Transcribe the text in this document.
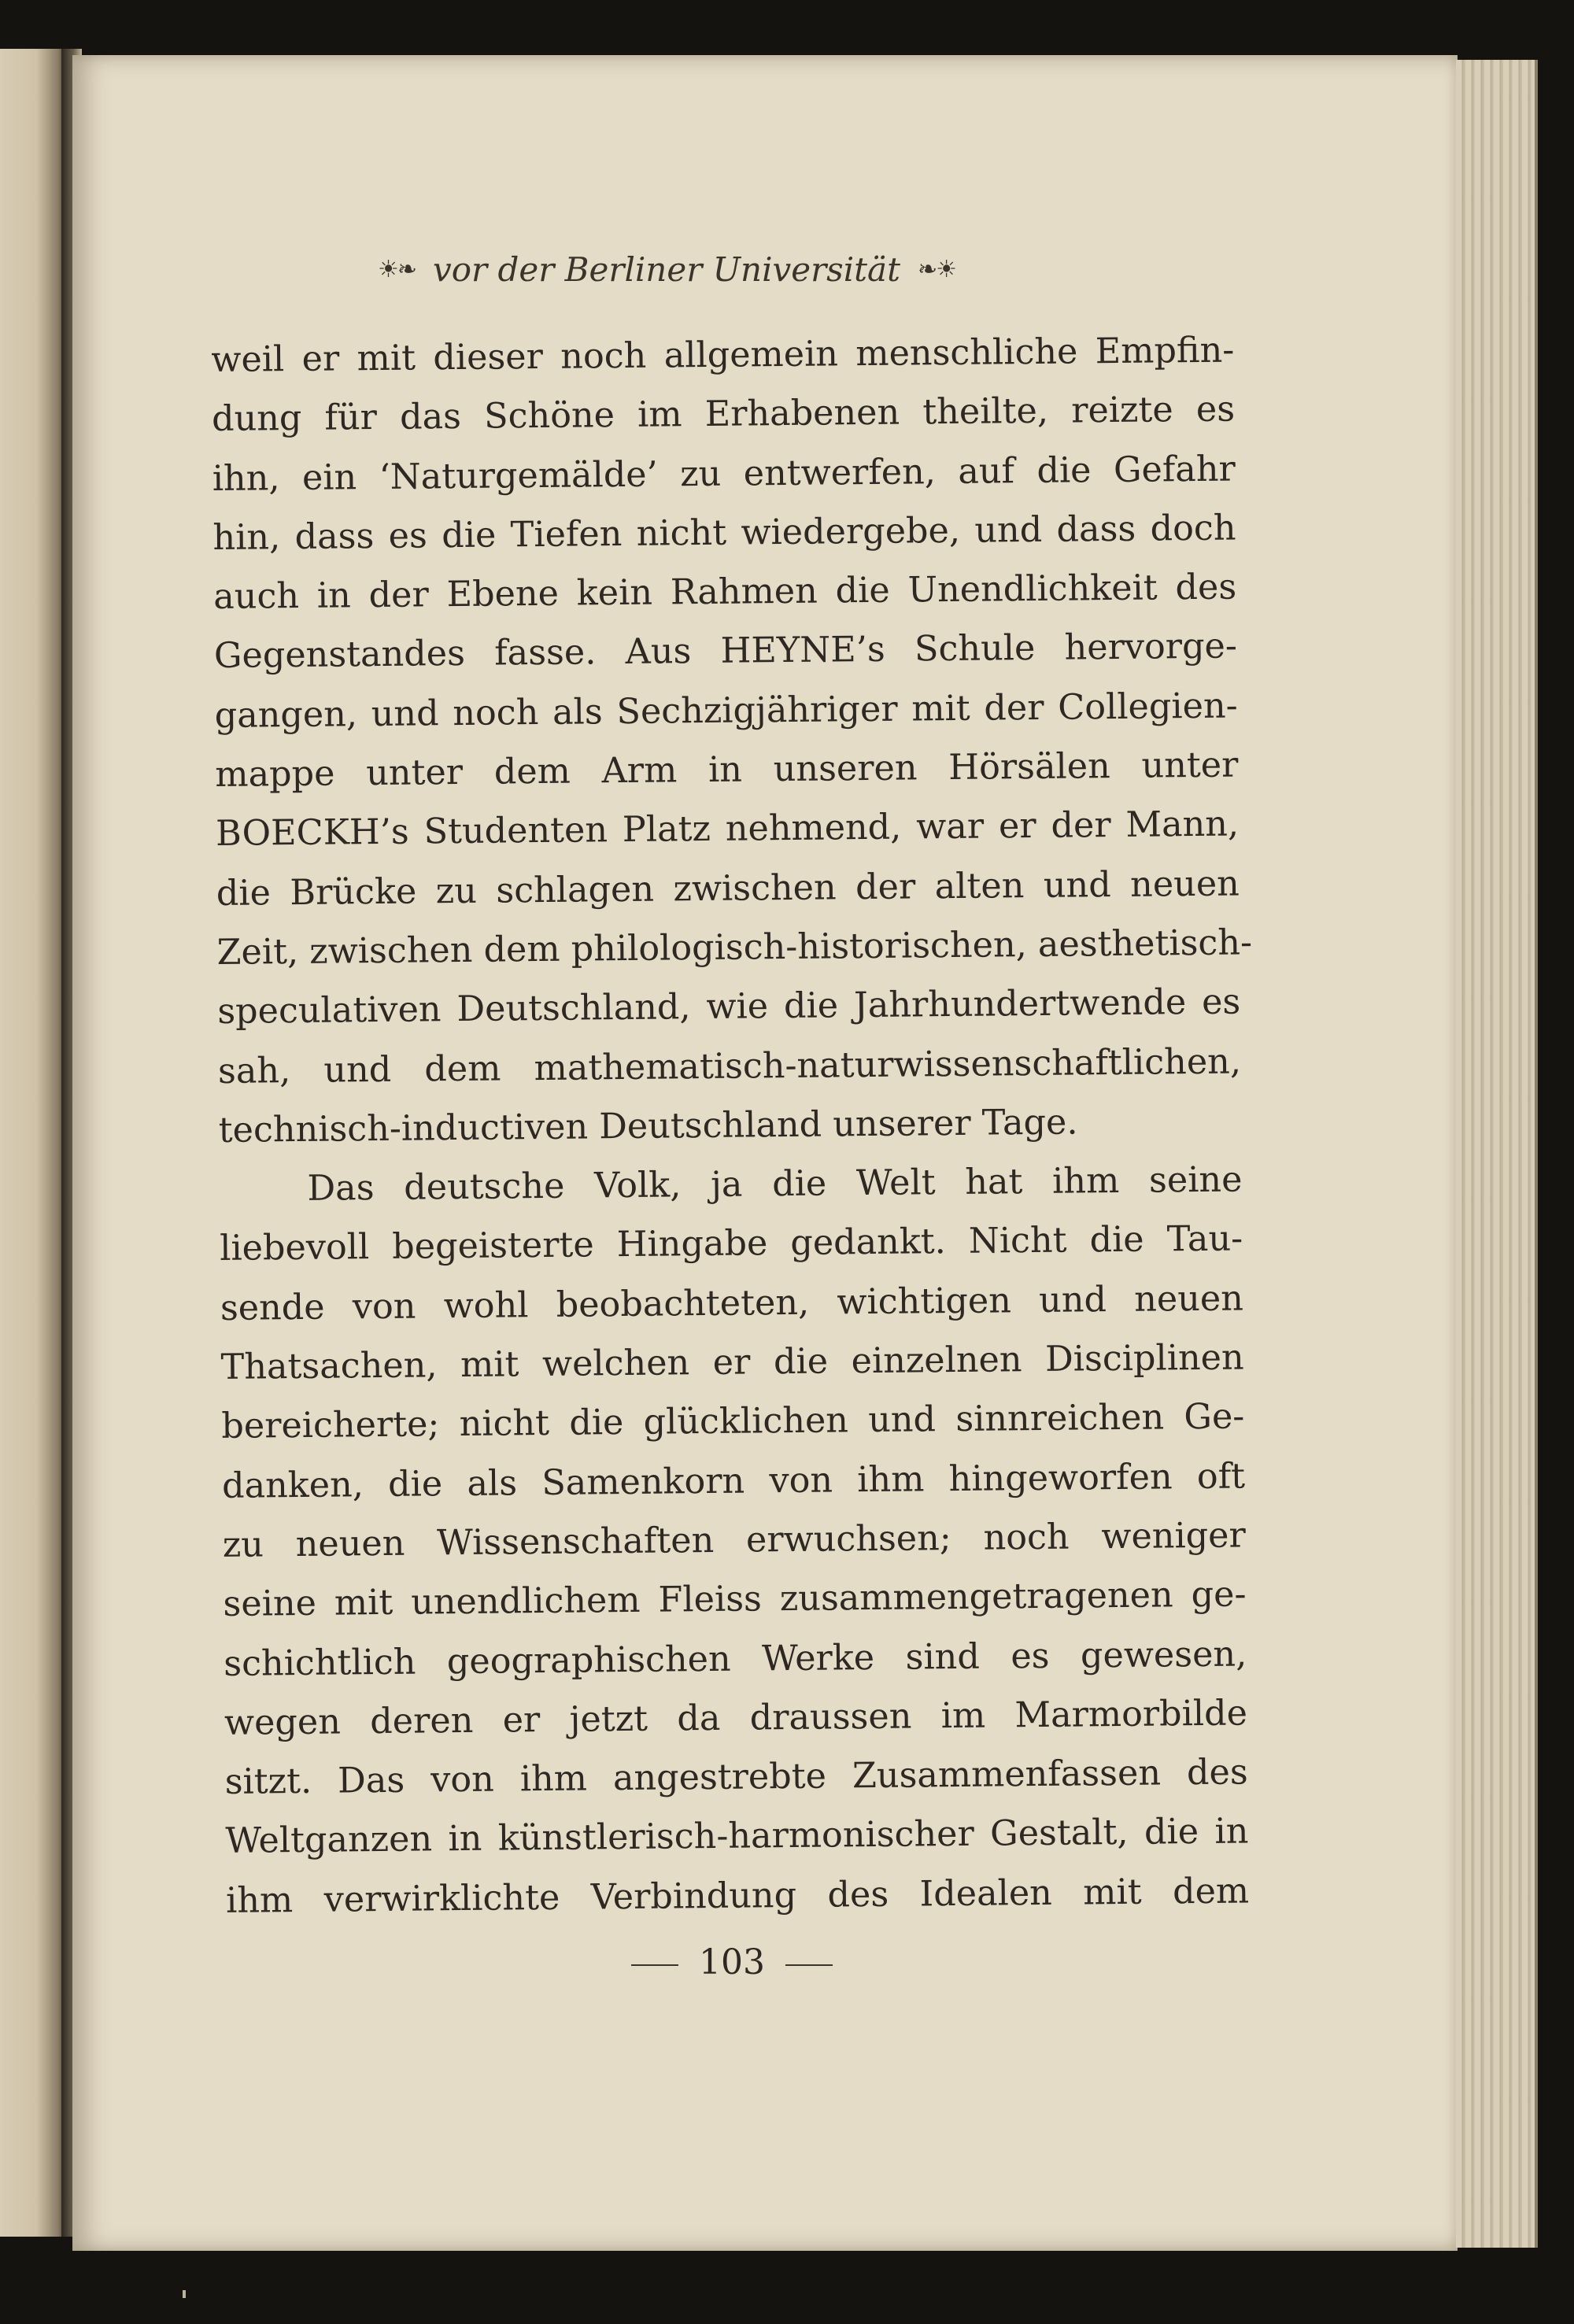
☀❧ vor der Berliner Universität ❧☀
weil er mit dieser noch allgemein menschliche Empfin-
dung für das Schöne im Erhabenen theilte, reizte es
ihn, ein ‘Naturgemälde’ zu entwerfen, auf die Gefahr
hin, dass es die Tiefen nicht wiedergebe, und dass doch
auch in der Ebene kein Rahmen die Unendlichkeit des
Gegenstandes fasse. Aus HEYNE’s Schule hervorge-
gangen, und noch als Sechzigjähriger mit der Collegien-
mappe unter dem Arm in unseren Hörsälen unter
BOECKH’s Studenten Platz nehmend, war er der Mann,
die Brücke zu schlagen zwischen der alten und neuen
Zeit, zwischen dem philologisch-historischen, aesthetisch-
speculativen Deutschland, wie die Jahrhundertwende es
sah, und dem mathematisch-naturwissenschaftlichen,
technisch-inductiven Deutschland unserer Tage.
Das deutsche Volk, ja die Welt hat ihm seine
liebevoll begeisterte Hingabe gedankt. Nicht die Tau-
sende von wohl beobachteten, wichtigen und neuen
Thatsachen, mit welchen er die einzelnen Disciplinen
bereicherte; nicht die glücklichen und sinnreichen Ge-
danken, die als Samenkorn von ihm hingeworfen oft
zu neuen Wissenschaften erwuchsen; noch weniger
seine mit unendlichem Fleiss zusammengetragenen ge-
schichtlich geographischen Werke sind es gewesen,
wegen deren er jetzt da draussen im Marmorbilde
sitzt. Das von ihm angestrebte Zusammenfassen des
Weltganzen in künstlerisch-harmonischer Gestalt, die in
ihm verwirklichte Verbindung des Idealen mit dem
103
